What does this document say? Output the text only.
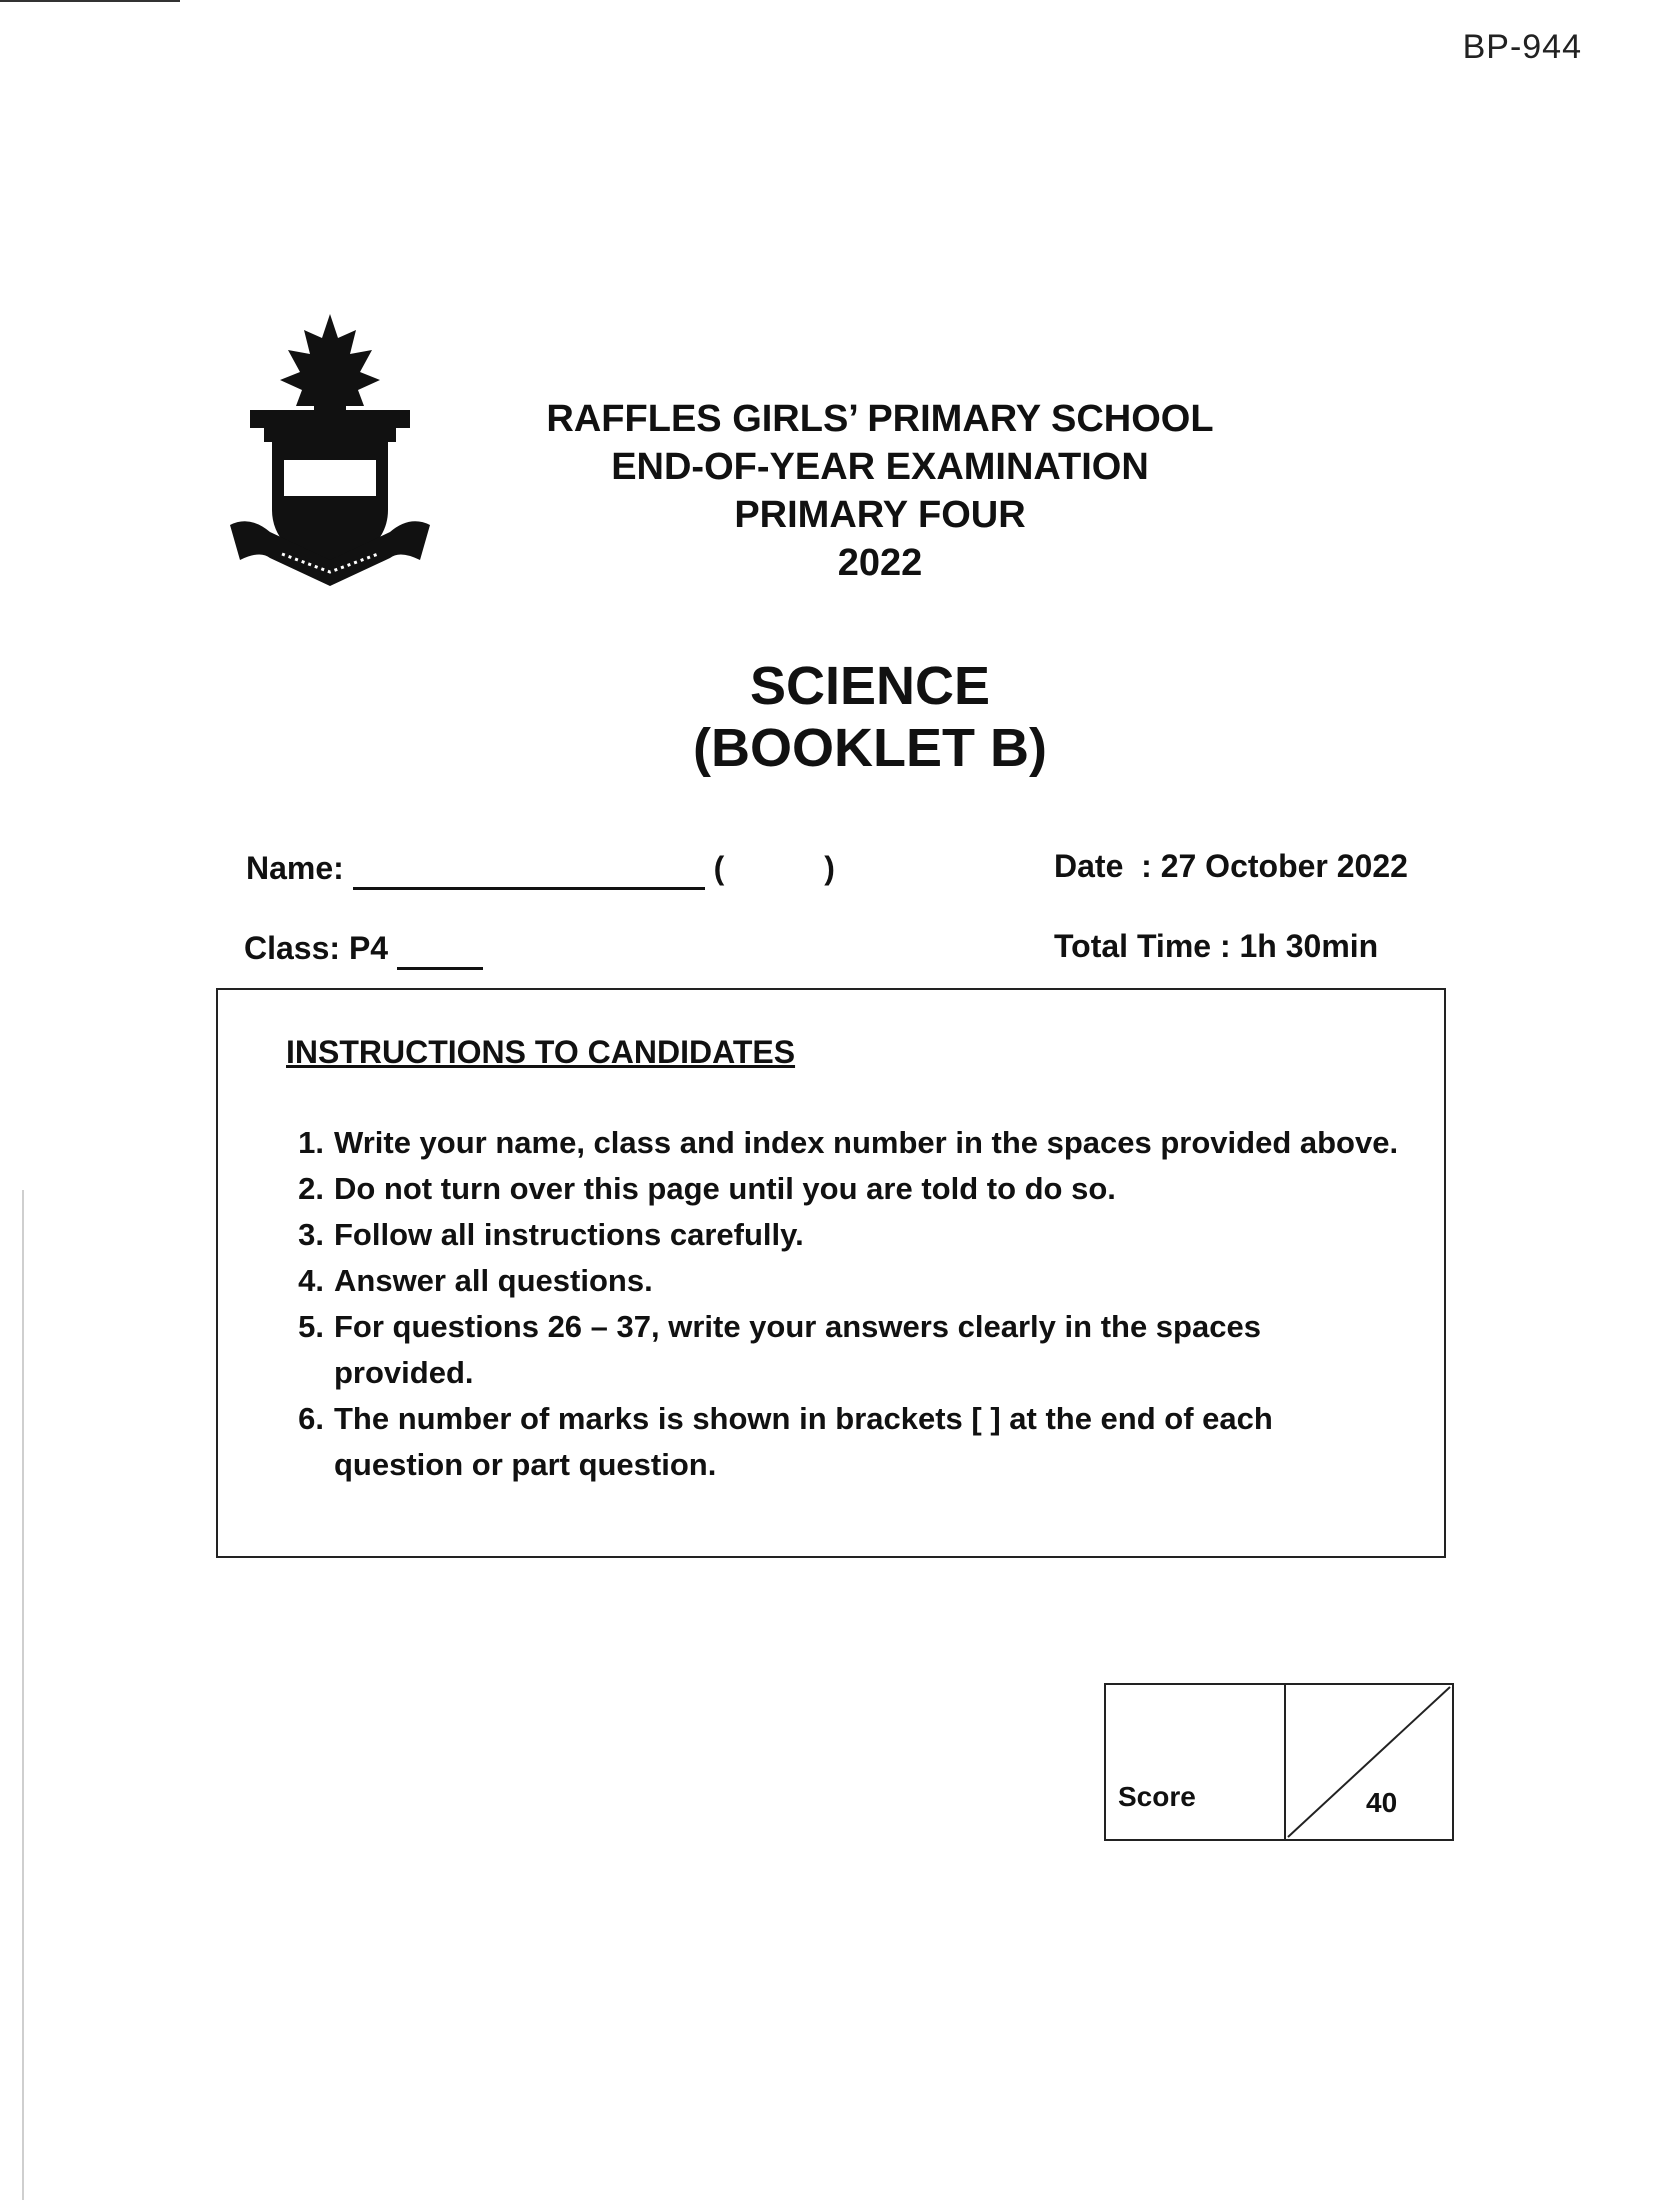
BP-944
RAFFLES GIRLS’ PRIMARY SCHOOL
END-OF-YEAR EXAMINATION
PRIMARY FOUR
2022
SCIENCE
(BOOKLET B)
Name:	(	)
Class: P4
Date  : 27 October 2022
Total Time : 1h 30min
INSTRUCTIONS TO CANDIDATES
1. Write your name, class and index number in the spaces provided above.
2. Do not turn over this page until you are told to do so.
3. Follow all instructions carefully.
4. Answer all questions.
5. For questions 26 – 37, write your answers clearly in the spaces provided.
6. The number of marks is shown in brackets [ ] at the end of each question or part question.
Score	40
